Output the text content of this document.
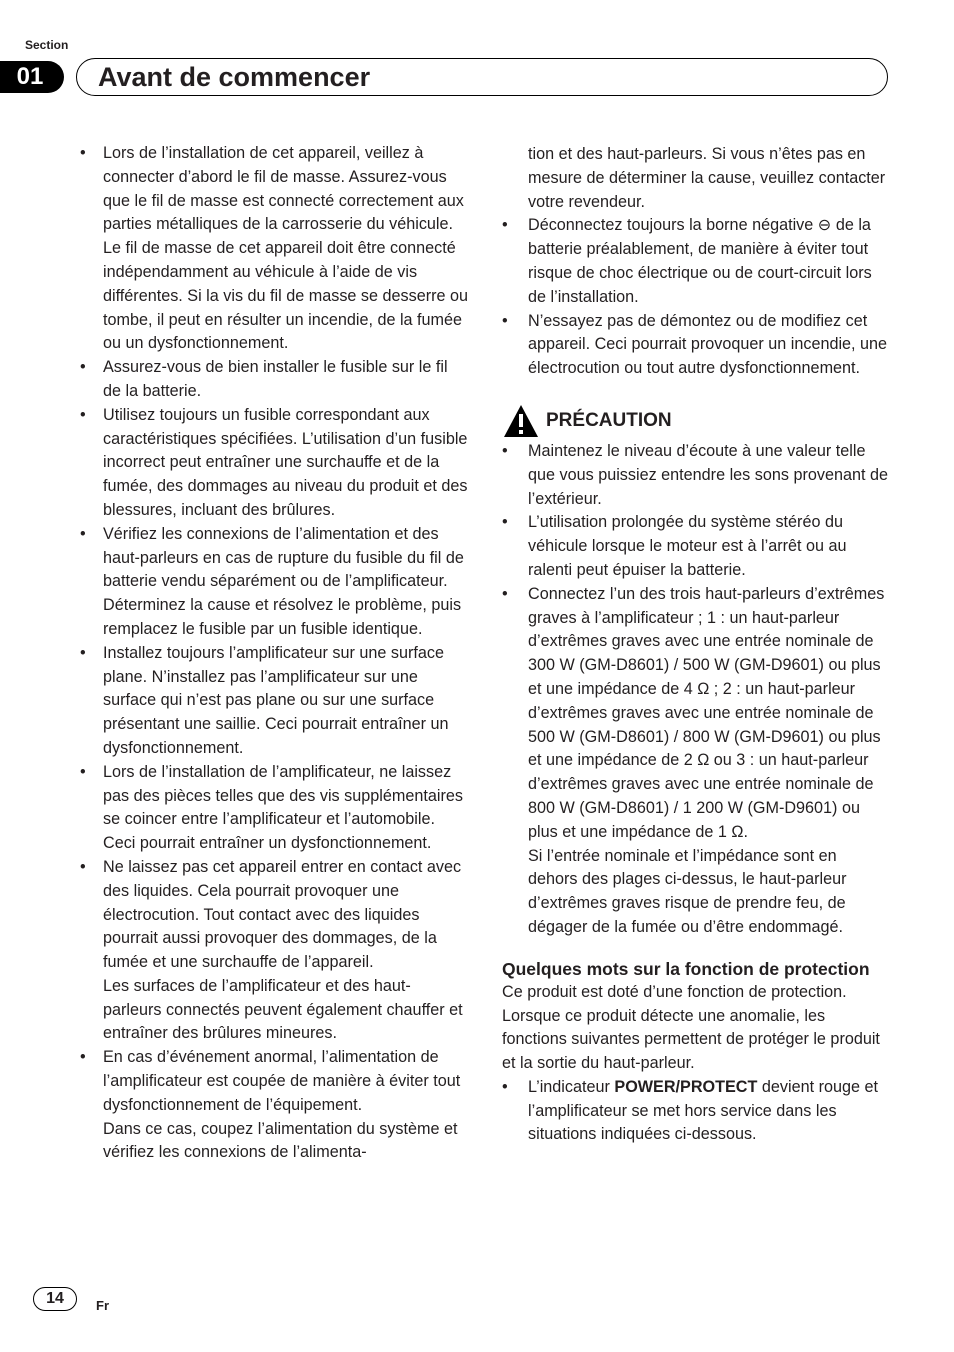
Section
01	Avant de commencer
• Lors de l’installation de cet appareil, veillez à connecter d’abord le fil de masse. Assurez-vous que le fil de masse est connecté correctement aux parties métalliques de la carrosserie du véhicule. Le fil de masse de cet appareil doit être connecté indépendamment au véhicule à l’aide de vis différentes. Si la vis du fil de masse se desserre ou tombe, il peut en résulter un incendie, de la fumée ou un dysfonctionnement.
• Assurez-vous de bien installer le fusible sur le fil de la batterie.
• Utilisez toujours un fusible correspondant aux caractéristiques spécifiées. L’utilisation d’un fusible incorrect peut entraîner une surchauffe et de la fumée, des dommages au niveau du produit et des blessures, incluant des brûlures.
• Vérifiez les connexions de l’alimentation et des haut-parleurs en cas de rupture du fusible du fil de batterie vendu séparément ou de l’amplificateur. Déterminez la cause et résolvez le problème, puis remplacez le fusible par un fusible identique.
• Installez toujours l’amplificateur sur une surface plane. N’installez pas l’amplificateur sur une surface qui n’est pas plane ou sur une surface présentant une saillie. Ceci pourrait entraîner un dysfonctionnement.
• Lors de l’installation de l’amplificateur, ne laissez pas des pièces telles que des vis supplémentaires se coincer entre l’amplificateur et l’automobile. Ceci pourrait entraîner un dysfonctionnement.
• Ne laissez pas cet appareil entrer en contact avec des liquides. Cela pourrait provoquer une électrocution. Tout contact avec des liquides pourrait aussi provoquer des dommages, de la fumée et une surchauffe de l’appareil.
Les surfaces de l’amplificateur et des haut-parleurs connectés peuvent également chauffer et entraîner des brûlures mineures.
• En cas d’événement anormal, l’alimentation de l’amplificateur est coupée de manière à éviter tout dysfonctionnement de l’équipement.
Dans ce cas, coupez l’alimentation du système et vérifiez les connexions de l’alimenta-
tion et des haut-parleurs. Si vous n’êtes pas en mesure de déterminer la cause, veuillez contacter votre revendeur.
• Déconnectez toujours la borne négative ⊖ de la batterie préalablement, de manière à éviter tout risque de choc électrique ou de court-circuit lors de l’installation.
• N’essayez pas de démontez ou de modifiez cet appareil. Ceci pourrait provoquer un incendie, une électrocution ou tout autre dysfonctionnement.
PRÉCAUTION
• Maintenez le niveau d’écoute à une valeur telle que vous puissiez entendre les sons provenant de l’extérieur.
• L’utilisation prolongée du système stéréo du véhicule lorsque le moteur est à l’arrêt ou au ralenti peut épuiser la batterie.
• Connectez l’un des trois haut-parleurs d’extrêmes graves à l’amplificateur ; 1 : un haut-parleur d’extrêmes graves avec une entrée nominale de 300 W (GM-D8601) / 500 W (GM-D9601) ou plus et une impédance de 4 Ω ; 2 : un haut-parleur d’extrêmes graves avec une entrée nominale de 500 W (GM-D8601) / 800 W (GM-D9601) ou plus et une impédance de 2 Ω ou 3 : un haut-parleur d’extrêmes graves avec une entrée nominale de 800 W (GM-D8601) / 1 200 W (GM-D9601) ou plus et une impédance de 1 Ω.
Si l’entrée nominale et l’impédance sont en dehors des plages ci-dessus, le haut-parleur d’extrêmes graves risque de prendre feu, de dégager de la fumée ou d’être endommagé.
Quelques mots sur la fonction de protection
Ce produit est doté d’une fonction de protection. Lorsque ce produit détecte une anomalie, les fonctions suivantes permettent de protéger le produit et la sortie du haut-parleur.
• L’indicateur POWER/PROTECT devient rouge et l’amplificateur se met hors service dans les situations indiquées ci-dessous.
14	Fr
